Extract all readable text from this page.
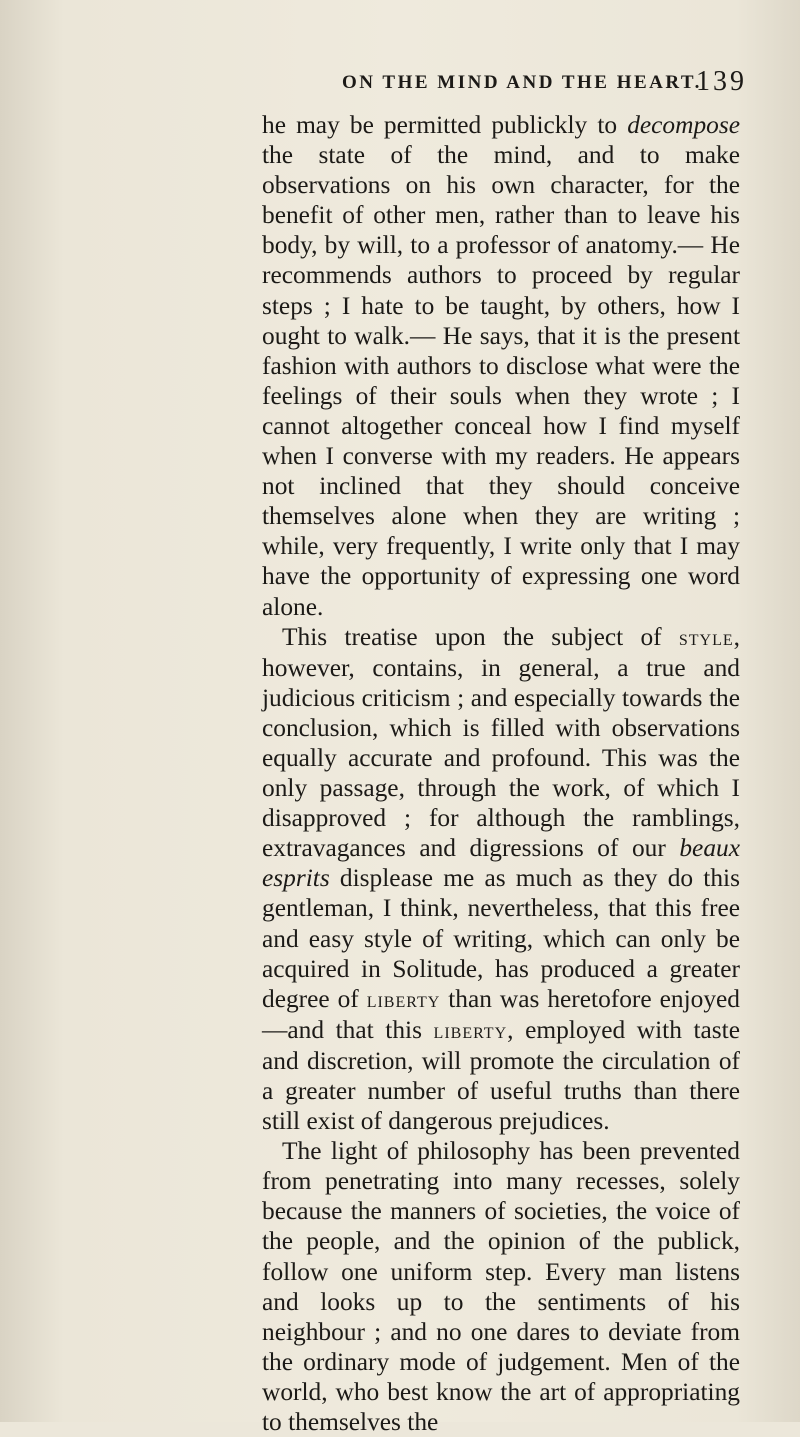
ON THE MIND AND THE HEART.
139

he may be permitted publickly to decompose the state of the mind, and to make observations on his own character, for the benefit of other men, rather than to leave his body, by will, to a professor of anatomy.— He recommends authors to proceed by regular steps ; I hate to be taught, by others, how I ought to walk.— He says, that it is the present fashion with authors to disclose what were the feelings of their souls when they wrote ; I cannot altogether conceal how I find myself when I converse with my readers. He appears not inclined that they should conceive themselves alone when they are writing ; while, very frequently, I write only that I may have the opportunity of expressing one word alone.

This treatise upon the subject of style, however, contains, in general, a true and judicious criticism ; and especially towards the conclusion, which is filled with observations equally accurate and profound. This was the only passage, through the work, of which I disapproved ; for although the ramblings, extravagances and digressions of our beaux esprits displease me as much as they do this gentleman, I think, nevertheless, that this free and easy style of writing, which can only be acquired in Solitude, has produced a greater degree of liberty than was heretofore enjoyed—and that this liberty, employed with taste and discretion, will promote the circulation of a greater number of useful truths than there still exist of dangerous prejudices.

The light of philosophy has been prevented from penetrating into many recesses, solely because the manners of societies, the voice of the people, and the opinion of the publick, follow one uniform step. Every man listens and looks up to the sentiments of his neighbour ; and no one dares to deviate from the ordinary mode of judgement. Men of the world, who best know the art of appropriating to themselves the
